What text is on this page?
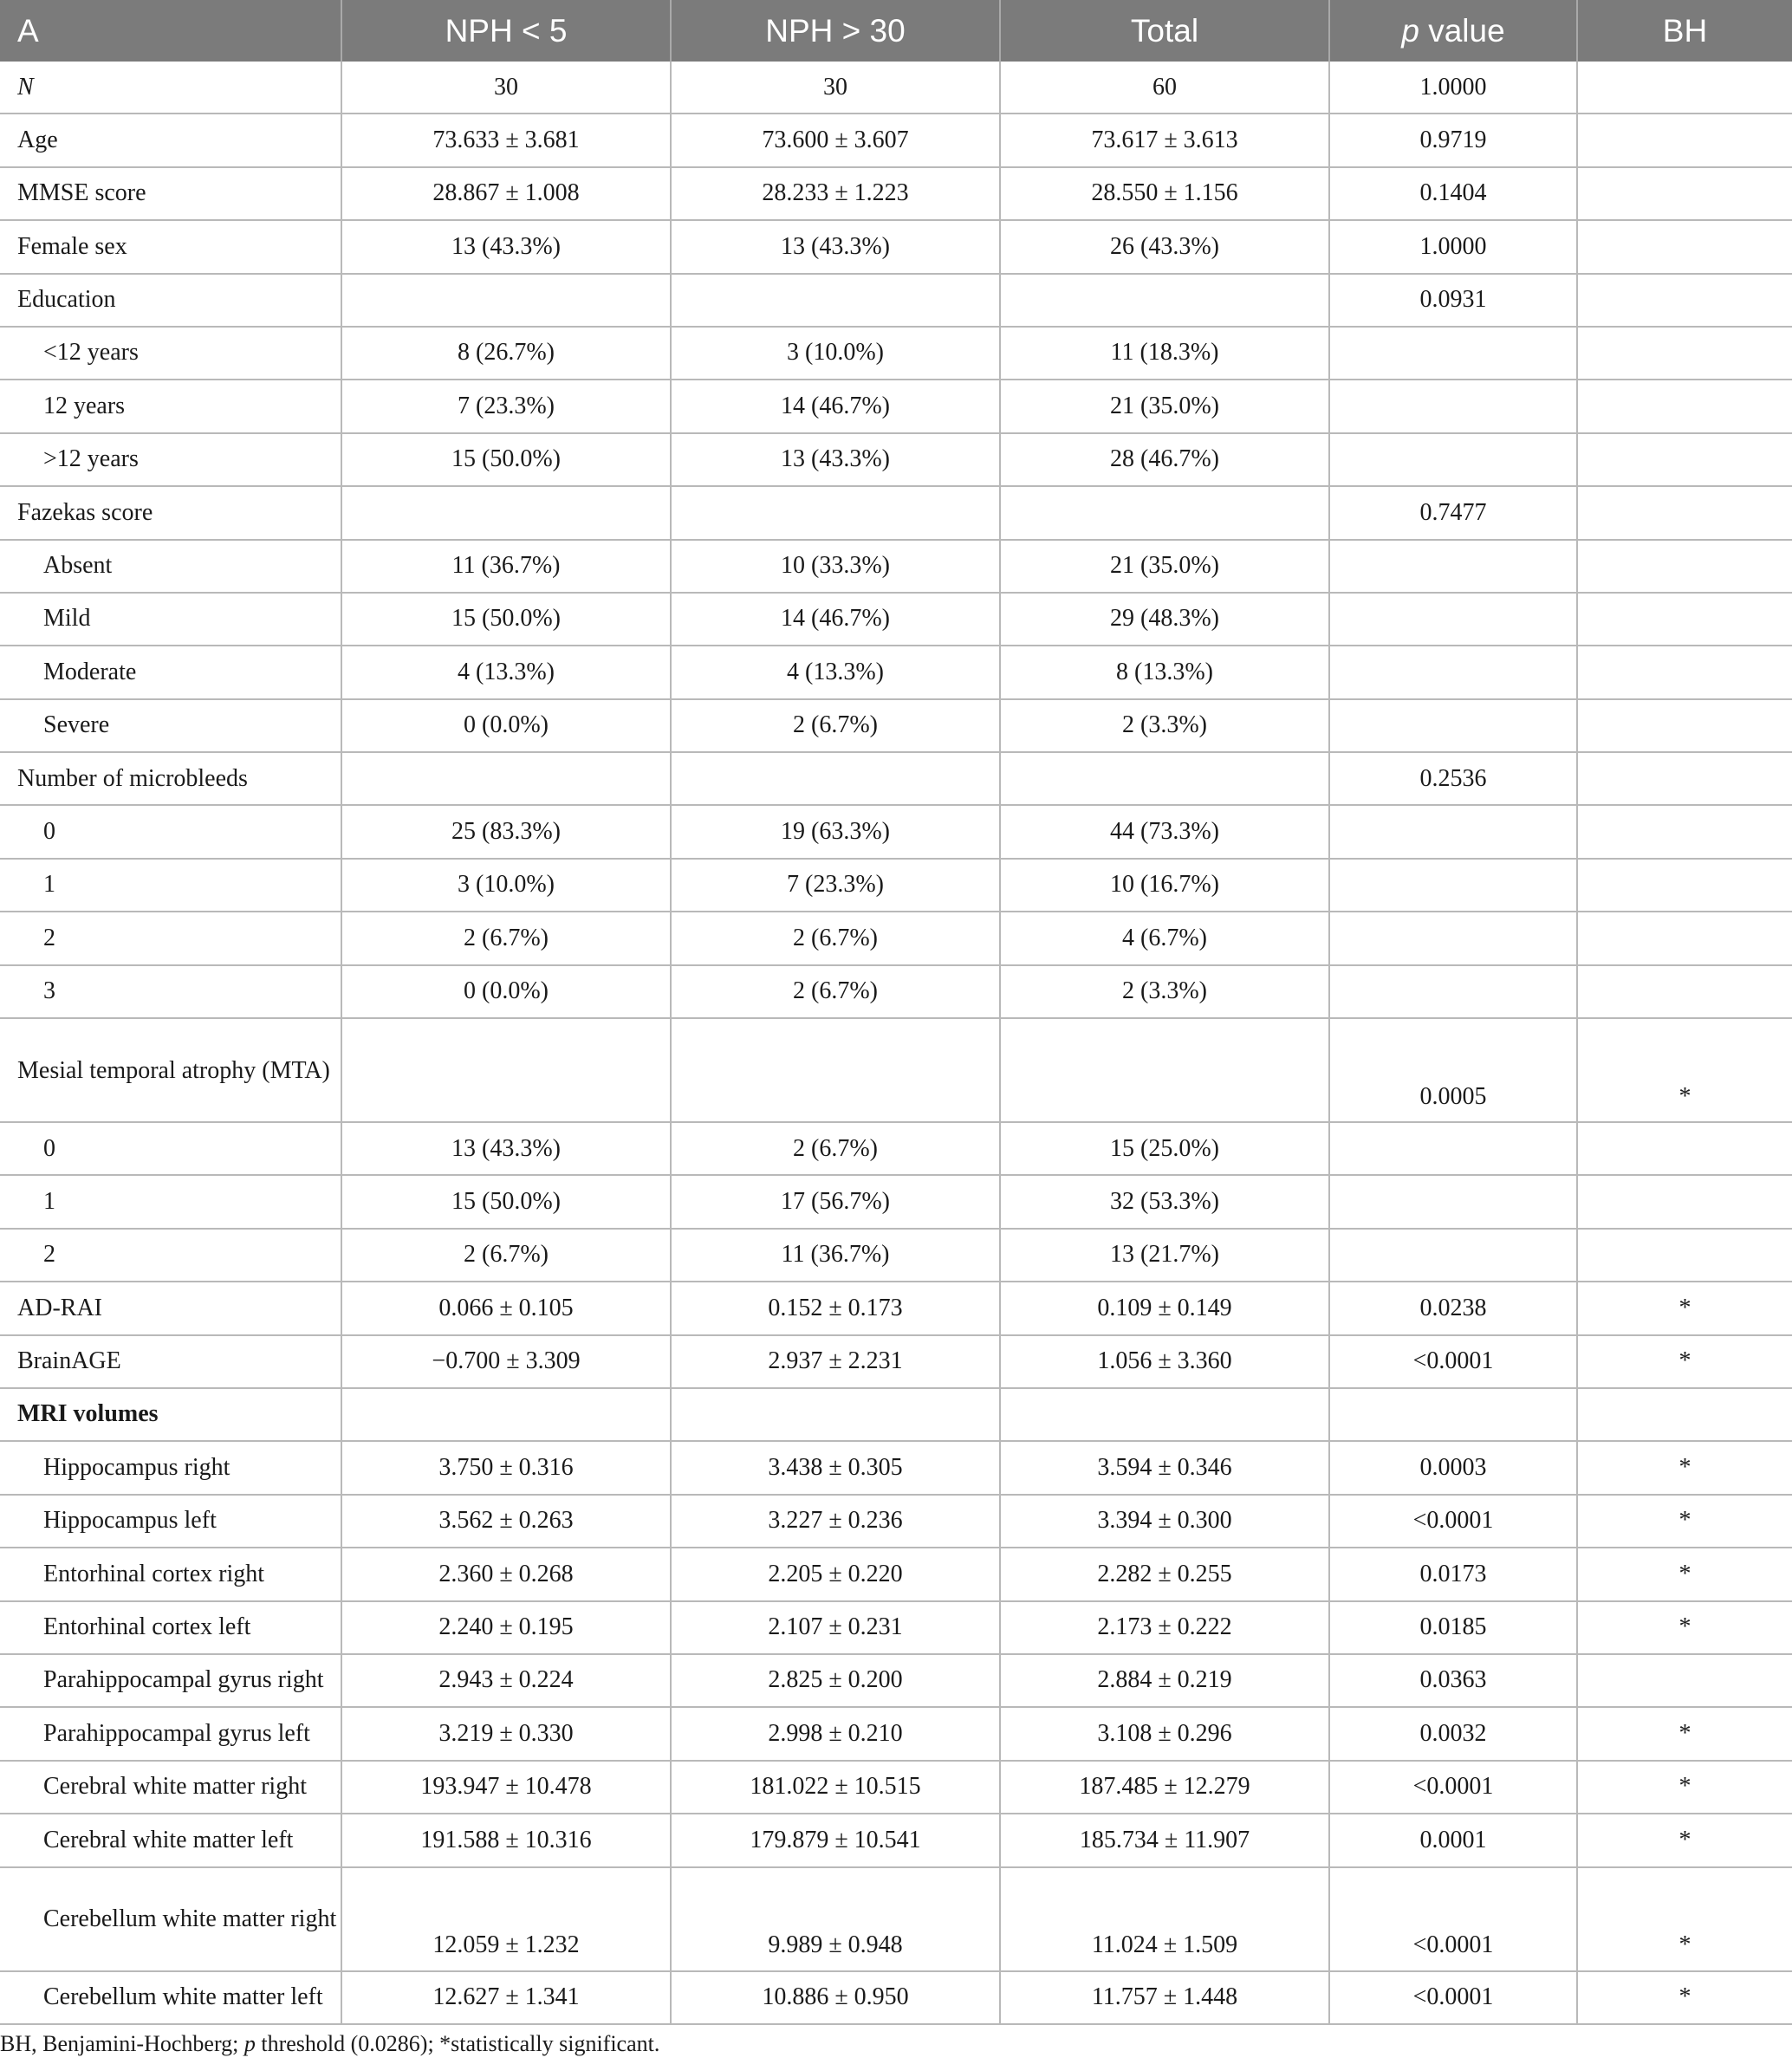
A	NPH < 5	NPH > 30	Total	p value	BH
N	30	30	60	1.0000	
Age	73.633 ± 3.681	73.600 ± 3.607	73.617 ± 3.613	0.9719	
MMSE score	28.867 ± 1.008	28.233 ± 1.223	28.550 ± 1.156	0.1404	
Female sex	13 (43.3%)	13 (43.3%)	26 (43.3%)	1.0000	
Education				0.0931	
<12 years	8 (26.7%)	3 (10.0%)	11 (18.3%)		
12 years	7 (23.3%)	14 (46.7%)	21 (35.0%)		
>12 years	15 (50.0%)	13 (43.3%)	28 (46.7%)		
Fazekas score				0.7477	
Absent	11 (36.7%)	10 (33.3%)	21 (35.0%)		
Mild	15 (50.0%)	14 (46.7%)	29 (48.3%)		
Moderate	4 (13.3%)	4 (13.3%)	8 (13.3%)		
Severe	0 (0.0%)	2 (6.7%)	2 (3.3%)		
Number of microbleeds				0.2536	
0	25 (83.3%)	19 (63.3%)	44 (73.3%)		
1	3 (10.0%)	7 (23.3%)	10 (16.7%)		
2	2 (6.7%)	2 (6.7%)	4 (6.7%)		
3	0 (0.0%)	2 (6.7%)	2 (3.3%)		
Mesial temporal atrophy (MTA)				0.0005	*
0	13 (43.3%)	2 (6.7%)	15 (25.0%)		
1	15 (50.0%)	17 (56.7%)	32 (53.3%)		
2	2 (6.7%)	11 (36.7%)	13 (21.7%)		
AD-RAI	0.066 ± 0.105	0.152 ± 0.173	0.109 ± 0.149	0.0238	*
BrainAGE	−0.700 ± 3.309	2.937 ± 2.231	1.056 ± 3.360	<0.0001	*
MRI volumes					
Hippocampus right	3.750 ± 0.316	3.438 ± 0.305	3.594 ± 0.346	0.0003	*
Hippocampus left	3.562 ± 0.263	3.227 ± 0.236	3.394 ± 0.300	<0.0001	*
Entorhinal cortex right	2.360 ± 0.268	2.205 ± 0.220	2.282 ± 0.255	0.0173	*
Entorhinal cortex left	2.240 ± 0.195	2.107 ± 0.231	2.173 ± 0.222	0.0185	*
Parahippocampal gyrus right	2.943 ± 0.224	2.825 ± 0.200	2.884 ± 0.219	0.0363	
Parahippocampal gyrus left	3.219 ± 0.330	2.998 ± 0.210	3.108 ± 0.296	0.0032	*
Cerebral white matter right	193.947 ± 10.478	181.022 ± 10.515	187.485 ± 12.279	<0.0001	*
Cerebral white matter left	191.588 ± 10.316	179.879 ± 10.541	185.734 ± 11.907	0.0001	*
Cerebellum white matter right	12.059 ± 1.232	9.989 ± 0.948	11.024 ± 1.509	<0.0001	*
Cerebellum white matter left	12.627 ± 1.341	10.886 ± 0.950	11.757 ± 1.448	<0.0001	*
BH, Benjamini-Hochberg; p threshold (0.0286); *statistically significant.
